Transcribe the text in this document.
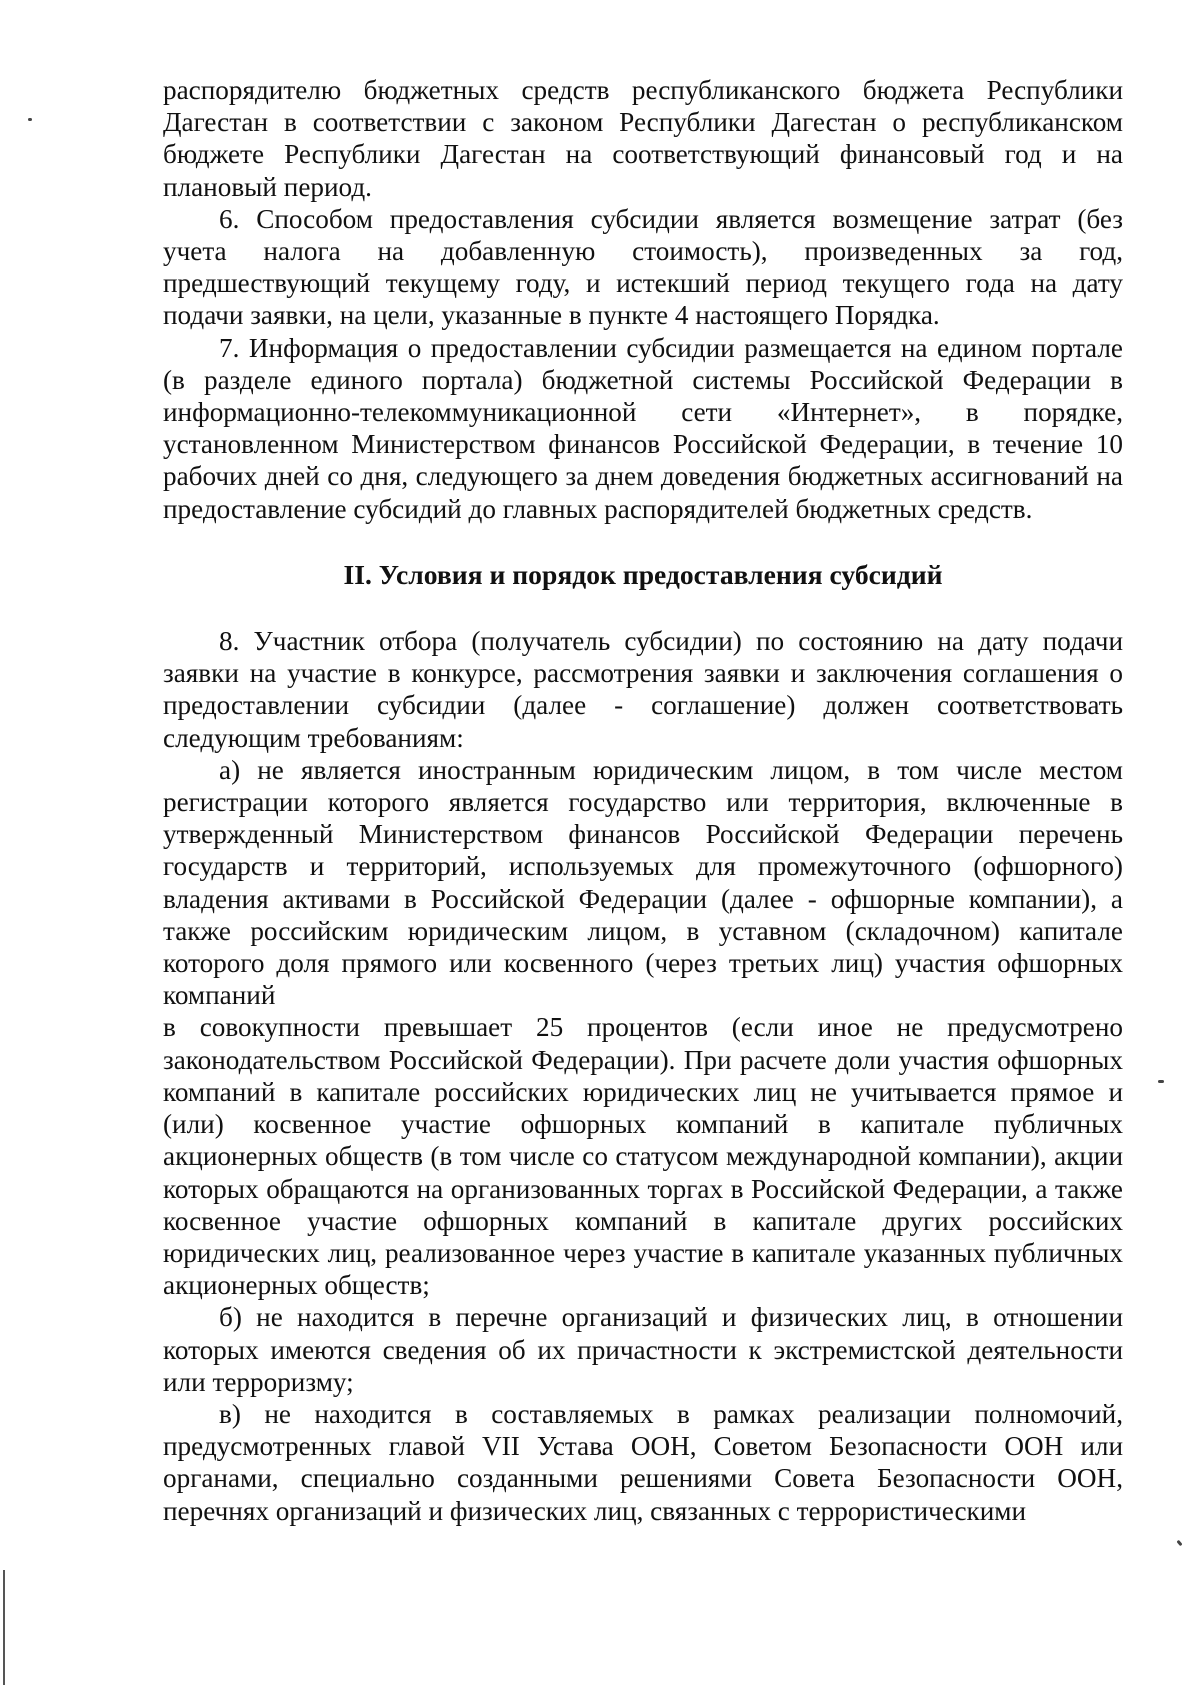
распорядителю бюджетных средств республиканского бюджета Республики Дагестан в соответствии с законом Республики Дагестан о республиканском бюджете Республики Дагестан на соответствующий финансовый год и на плановый период.

6. Способом предоставления субсидии является возмещение затрат (без учета налога на добавленную стоимость), произведенных за год, предшествующий текущему году, и истекший период текущего года на дату подачи заявки, на цели, указанные в пункте 4 настоящего Порядка.

7. Информация о предоставлении субсидии размещается на едином портале (в разделе единого портала) бюджетной системы Российской Федерации в информационно-телекоммуникационной сети «Интернет», в порядке, установленном Министерством финансов Российской Федерации, в течение 10 рабочих дней со дня, следующего за днем доведения бюджетных ассигнований на предоставление субсидий до главных распорядителей бюджетных средств.

II. Условия и порядок предоставления субсидий

8. Участник отбора (получатель субсидии) по состоянию на дату подачи заявки на участие в конкурсе, рассмотрения заявки и заключения соглашения о предоставлении субсидии (далее - соглашение) должен соответствовать следующим требованиям:

а) не является иностранным юридическим лицом, в том числе местом регистрации которого является государство или территория, включенные в утвержденный Министерством финансов Российской Федерации перечень государств и территорий, используемых для промежуточного (офшорного) владения активами в Российской Федерации (далее - офшорные компании), а также российским юридическим лицом, в уставном (складочном) капитале которого доля прямого или косвенного (через третьих лиц) участия офшорных компаний

в совокупности превышает 25 процентов (если иное не предусмотрено законодательством Российской Федерации). При расчете доли участия офшорных компаний в капитале российских юридических лиц не учитывается прямое и (или) косвенное участие офшорных компаний в капитале публичных акционерных обществ (в том числе со статусом международной компании), акции которых обращаются на организованных торгах в Российской Федерации, а также косвенное участие офшорных компаний в капитале других российских юридических лиц, реализованное через участие в капитале указанных публичных акционерных обществ;

б) не находится в перечне организаций и физических лиц, в отношении которых имеются сведения об их причастности к экстремистской деятельности или терроризму;

в) не находится в составляемых в рамках реализации полномочий, предусмотренных главой VII Устава ООН, Советом Безопасности ООН или органами, специально созданными решениями Совета Безопасности ООН, перечнях организаций и физических лиц, связанных с террористическими
